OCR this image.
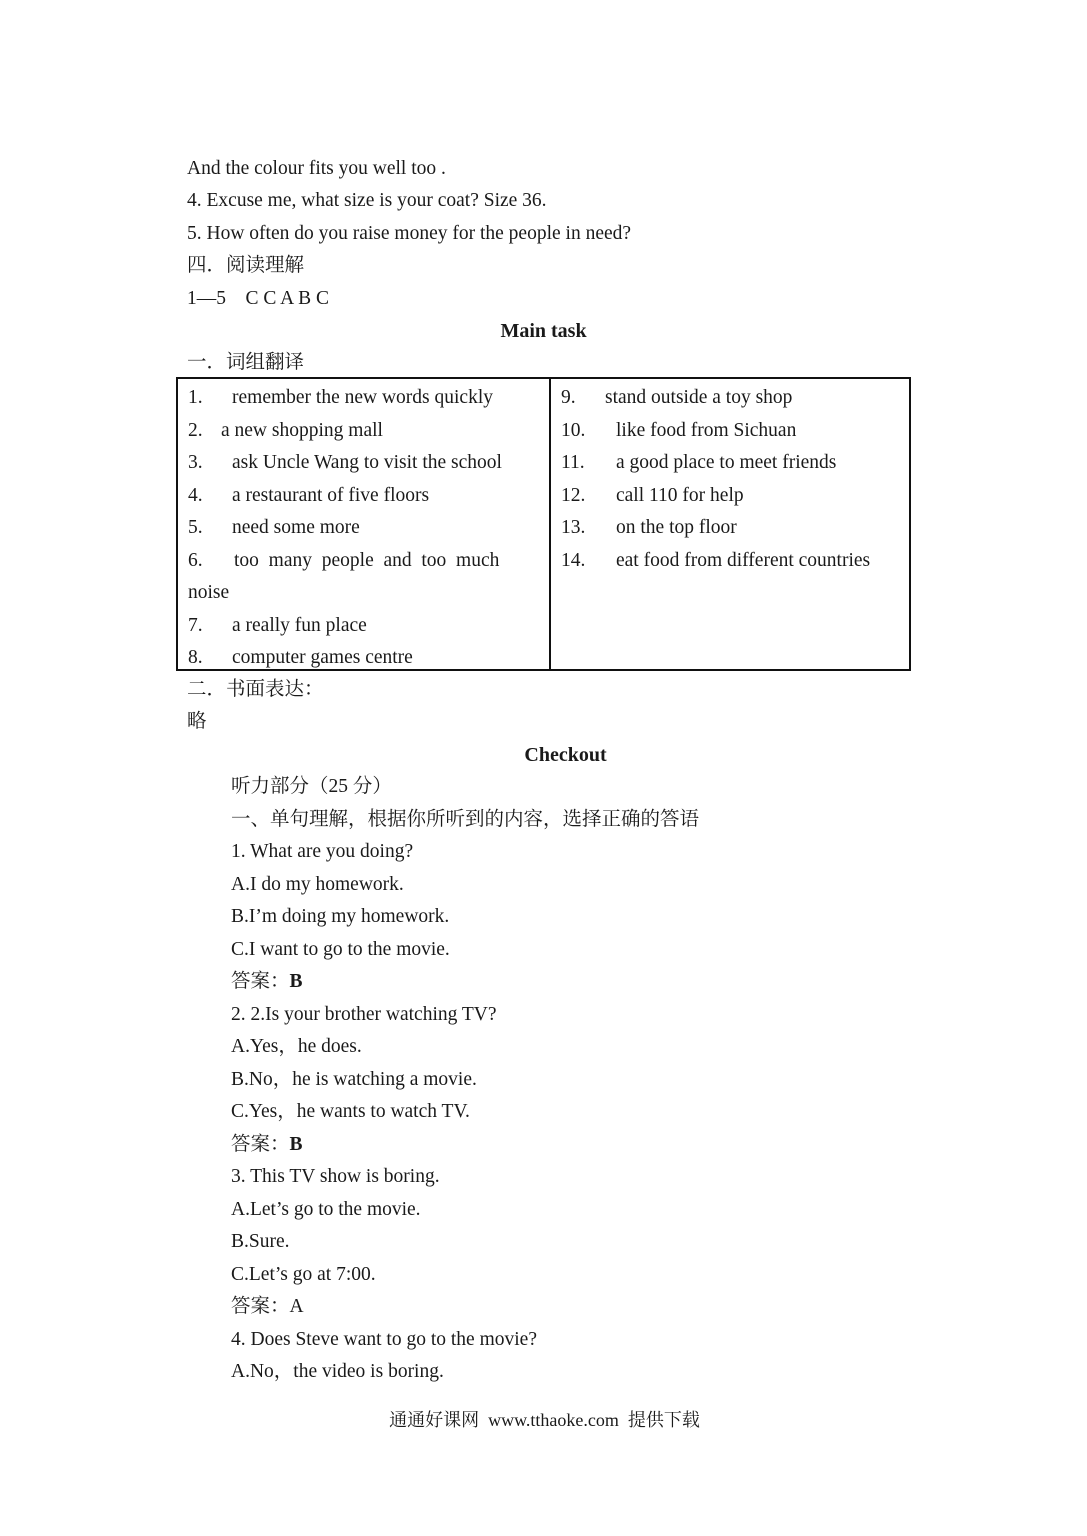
And the colour fits you well too .
4. Excuse me, what size is your coat? Size 36.
5. How often do you raise money for the people in need?
四．阅读理解
1—5    C C A B C
Main task
一．词组翻译
1. remember the new words quickly
2. a new shopping mall
3. ask Uncle Wang to visit the school
4. a restaurant of five floors
5. need some more
6. too  many  people  and  too  much
noise
7. a really fun place
8. computer games centre
9. stand outside a toy shop
10. like food from Sichuan
11. a good place to meet friends
12. call 110 for help
13. on the top floor
14. eat food from different countries
二．书面表达：
略
Checkout
听力部分（25 分）
一、单句理解，根据你所听到的内容，选择正确的答语
1. What are you doing?
A.I do my homework.
B.I’m doing my homework.
C.I want to go to the movie.
答案：B
2. 2.Is your brother watching TV?
A.Yes，he does.
B.No，he is watching a movie.
C.Yes，he wants to watch TV.
答案：B
3. This TV show is boring.
A.Let’s go to the movie.
B.Sure.
C.Let’s go at 7:00.
答案：A
4. Does Steve want to go to the movie?
A.No，the video is boring.
通通好课网  www.tthaoke.com  提供下载
